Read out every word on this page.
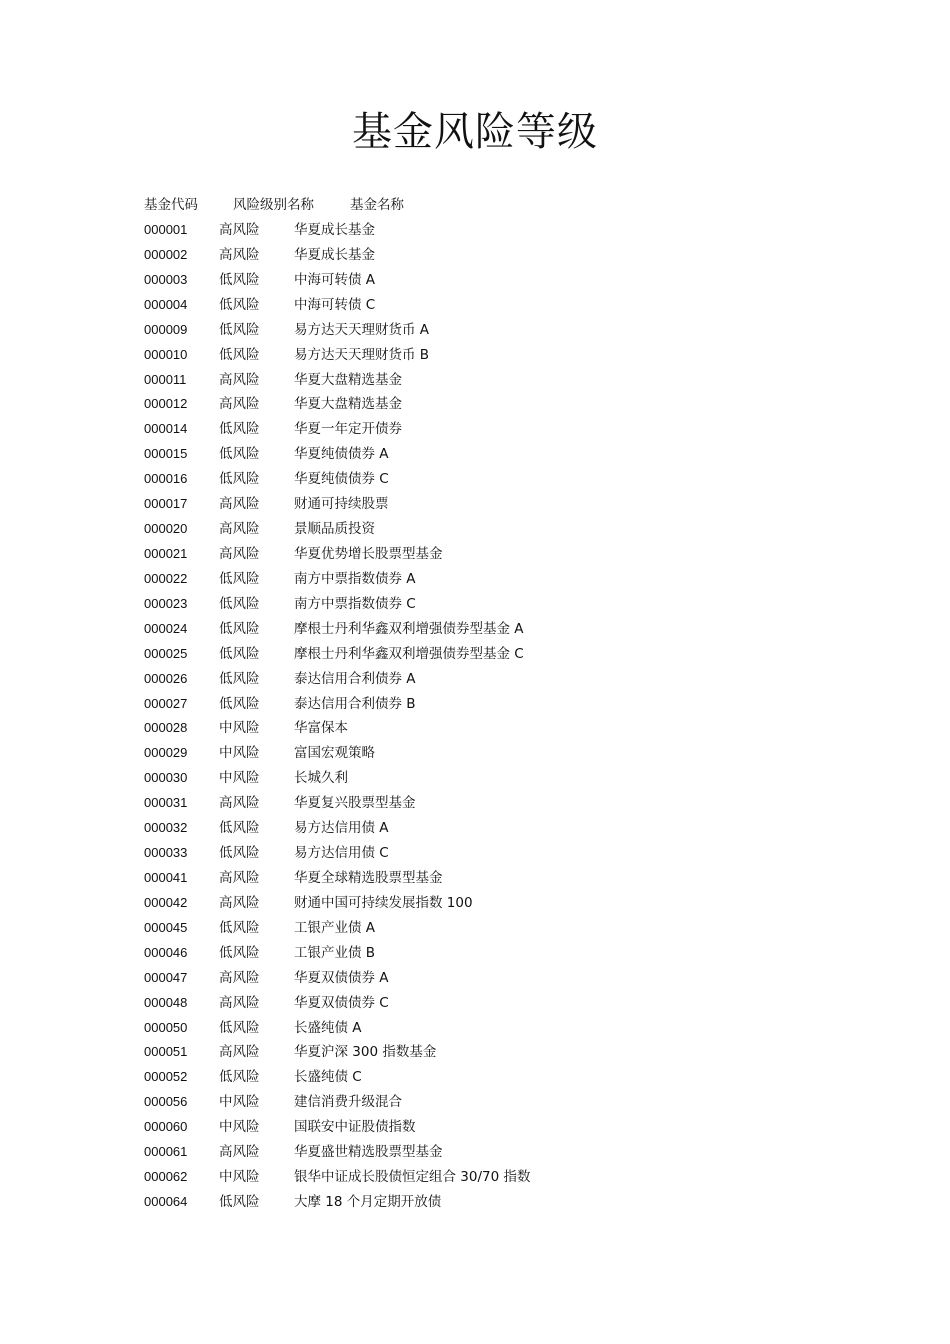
基金风险等级
基金代码	风险级别名称	基金名称
000001 高风险	华夏成长基金
000002 高风险	华夏成长基金
000003 低风险	中海可转债 A
000004 低风险	中海可转债 C
000009 低风险	易方达天天理财货币 A
000010 低风险	易方达天天理财货币 B
000011 高风险	华夏大盘精选基金
000012 高风险	华夏大盘精选基金
000014 低风险	华夏一年定开债券
000015 低风险	华夏纯债债券 A
000016 低风险	华夏纯债债券 C
000017 高风险	财通可持续股票
000020 高风险	景顺品质投资
000021 高风险	华夏优势增长股票型基金
000022 低风险	南方中票指数债券 A
000023 低风险	南方中票指数债券 C
000024 低风险	摩根士丹利华鑫双利增强债券型基金 A
000025 低风险	摩根士丹利华鑫双利增强债券型基金 C
000026 低风险	泰达信用合利债券 A
000027 低风险	泰达信用合利债券 B
000028 中风险	华富保本
000029 中风险	富国宏观策略
000030 中风险	长城久利
000031 高风险	华夏复兴股票型基金
000032 低风险	易方达信用债 A
000033 低风险	易方达信用债 C
000041 高风险	华夏全球精选股票型基金
000042 高风险	财通中国可持续发展指数 100
000045 低风险	工银产业债 A
000046 低风险	工银产业债 B
000047 高风险	华夏双债债券 A
000048 高风险	华夏双债债券 C
000050 低风险	长盛纯债 A
000051 高风险	华夏沪深 300 指数基金
000052 低风险	长盛纯债 C
000056 中风险	建信消费升级混合
000060 中风险	国联安中证股债指数
000061 高风险	华夏盛世精选股票型基金
000062 中风险	银华中证成长股债恒定组合 30/70 指数
000064 低风险	大摩 18 个月定期开放债
